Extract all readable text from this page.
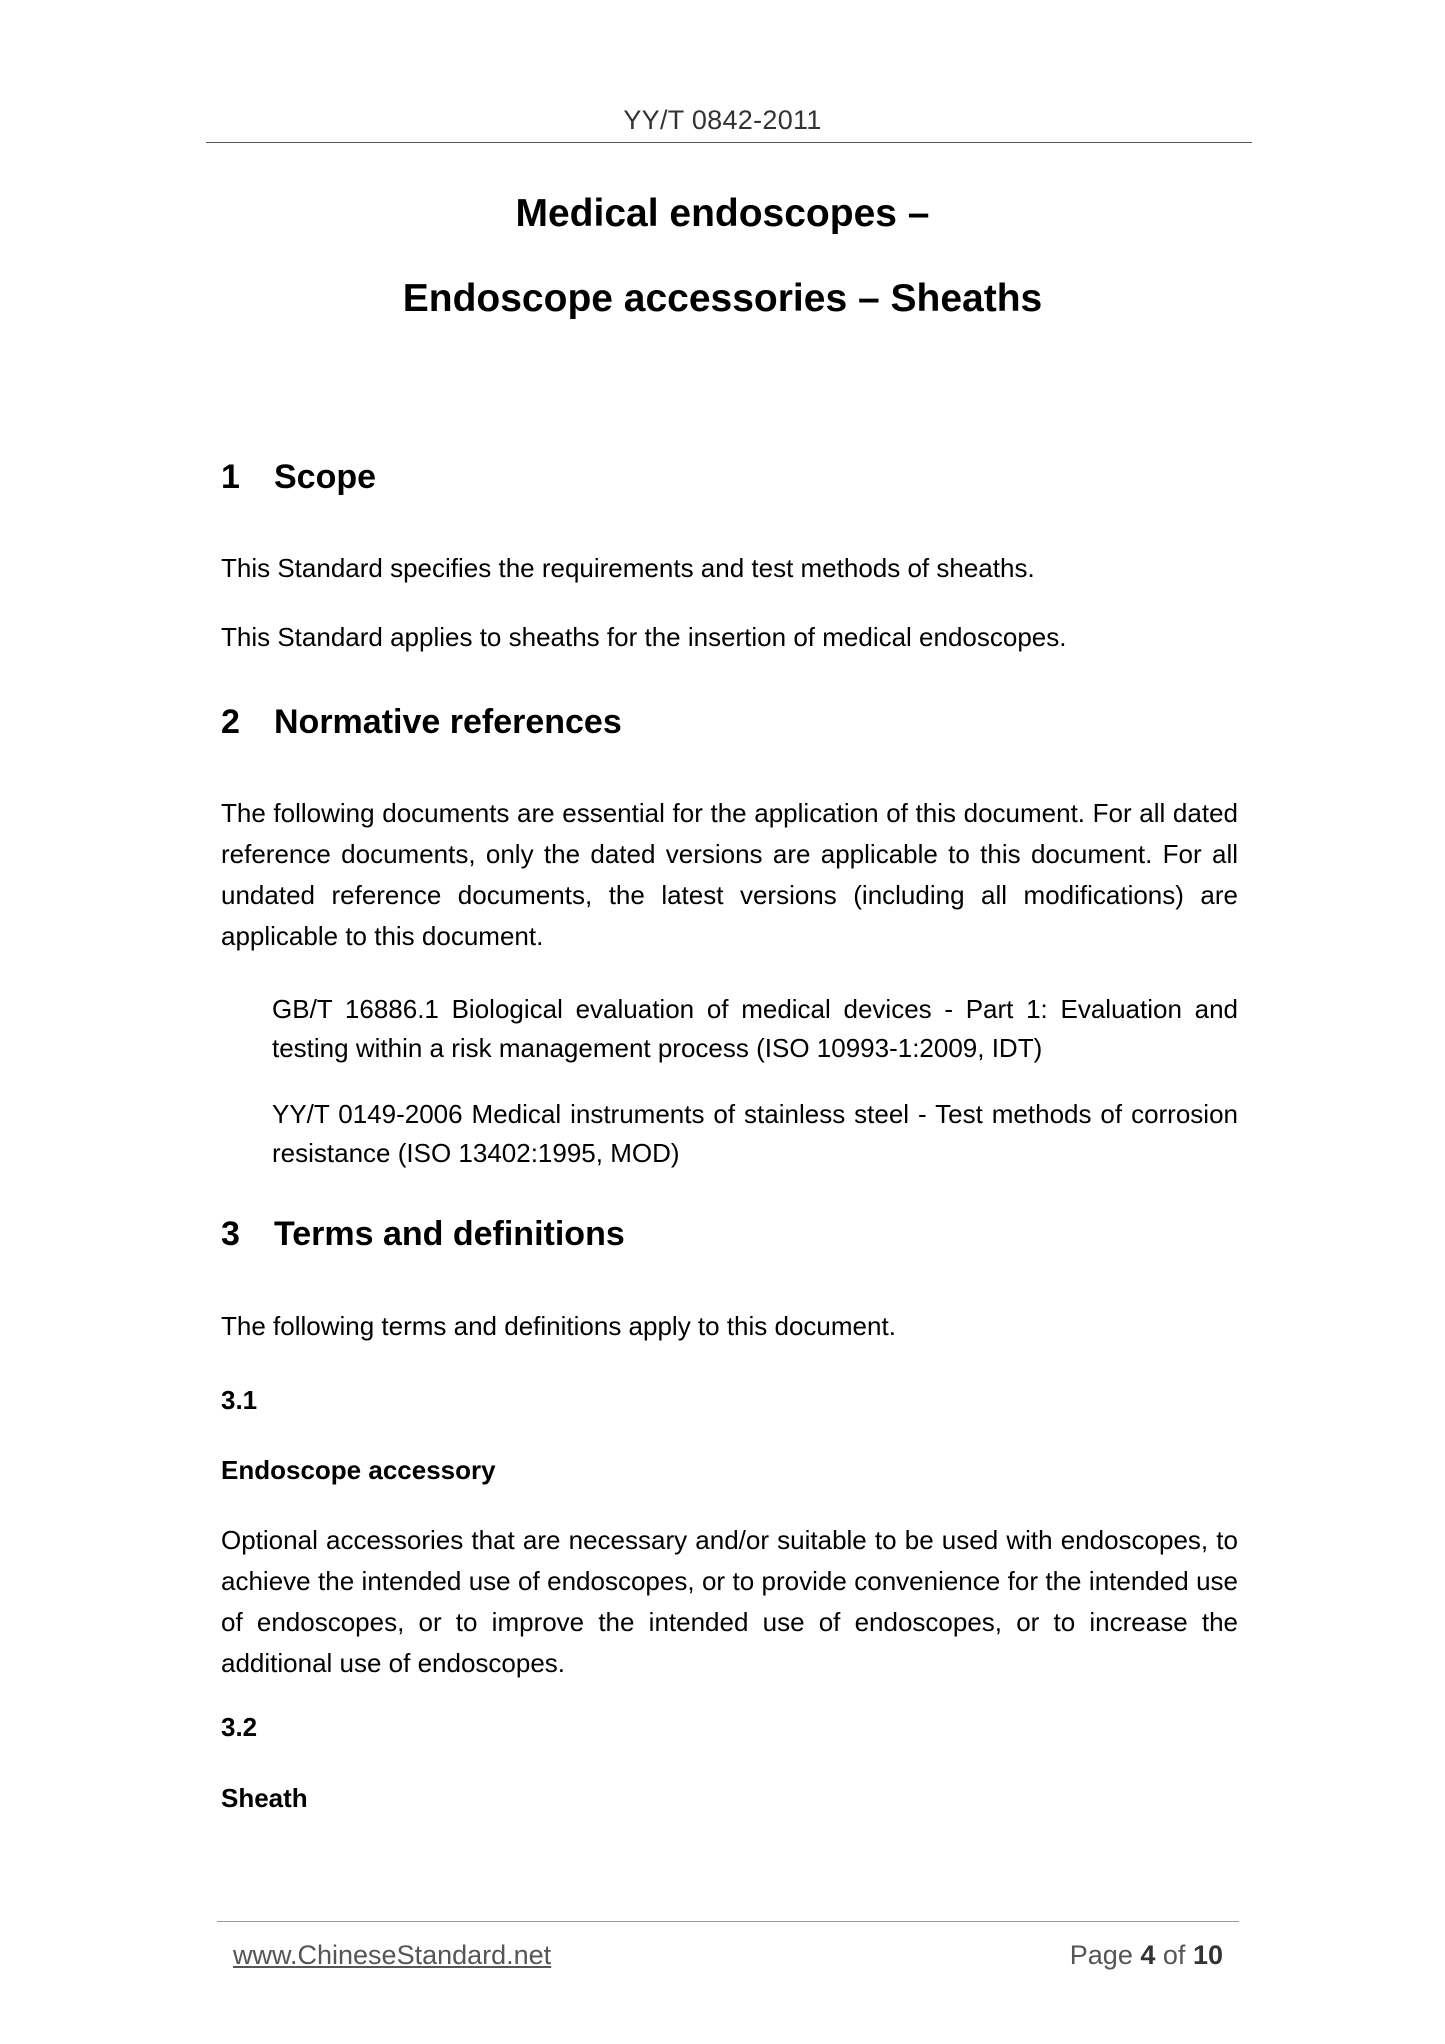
YY/T 0842-2011
Medical endoscopes –
Endoscope accessories – Sheaths
1	Scope

This Standard specifies the requirements and test methods of sheaths.

This Standard applies to sheaths for the insertion of medical endoscopes.

2	Normative references

The following documents are essential for the application of this document. For all dated reference documents, only the dated versions are applicable to this document. For all undated reference documents, the latest versions (including all modifications) are applicable to this document.

GB/T 16886.1 Biological evaluation of medical devices - Part 1: Evaluation and testing within a risk management process (ISO 10993-1:2009, IDT)

YY/T 0149-2006 Medical instruments of stainless steel - Test methods of corrosion resistance (ISO 13402:1995, MOD)

3	Terms and definitions

The following terms and definitions apply to this document.

3.1
Endoscope accessory

Optional accessories that are necessary and/or suitable to be used with endoscopes, to achieve the intended use of endoscopes, or to provide convenience for the intended use of endoscopes, or to improve the intended use of endoscopes, or to increase the additional use of endoscopes.

3.2
Sheath
www.ChineseStandard.net	Page 4 of 10
